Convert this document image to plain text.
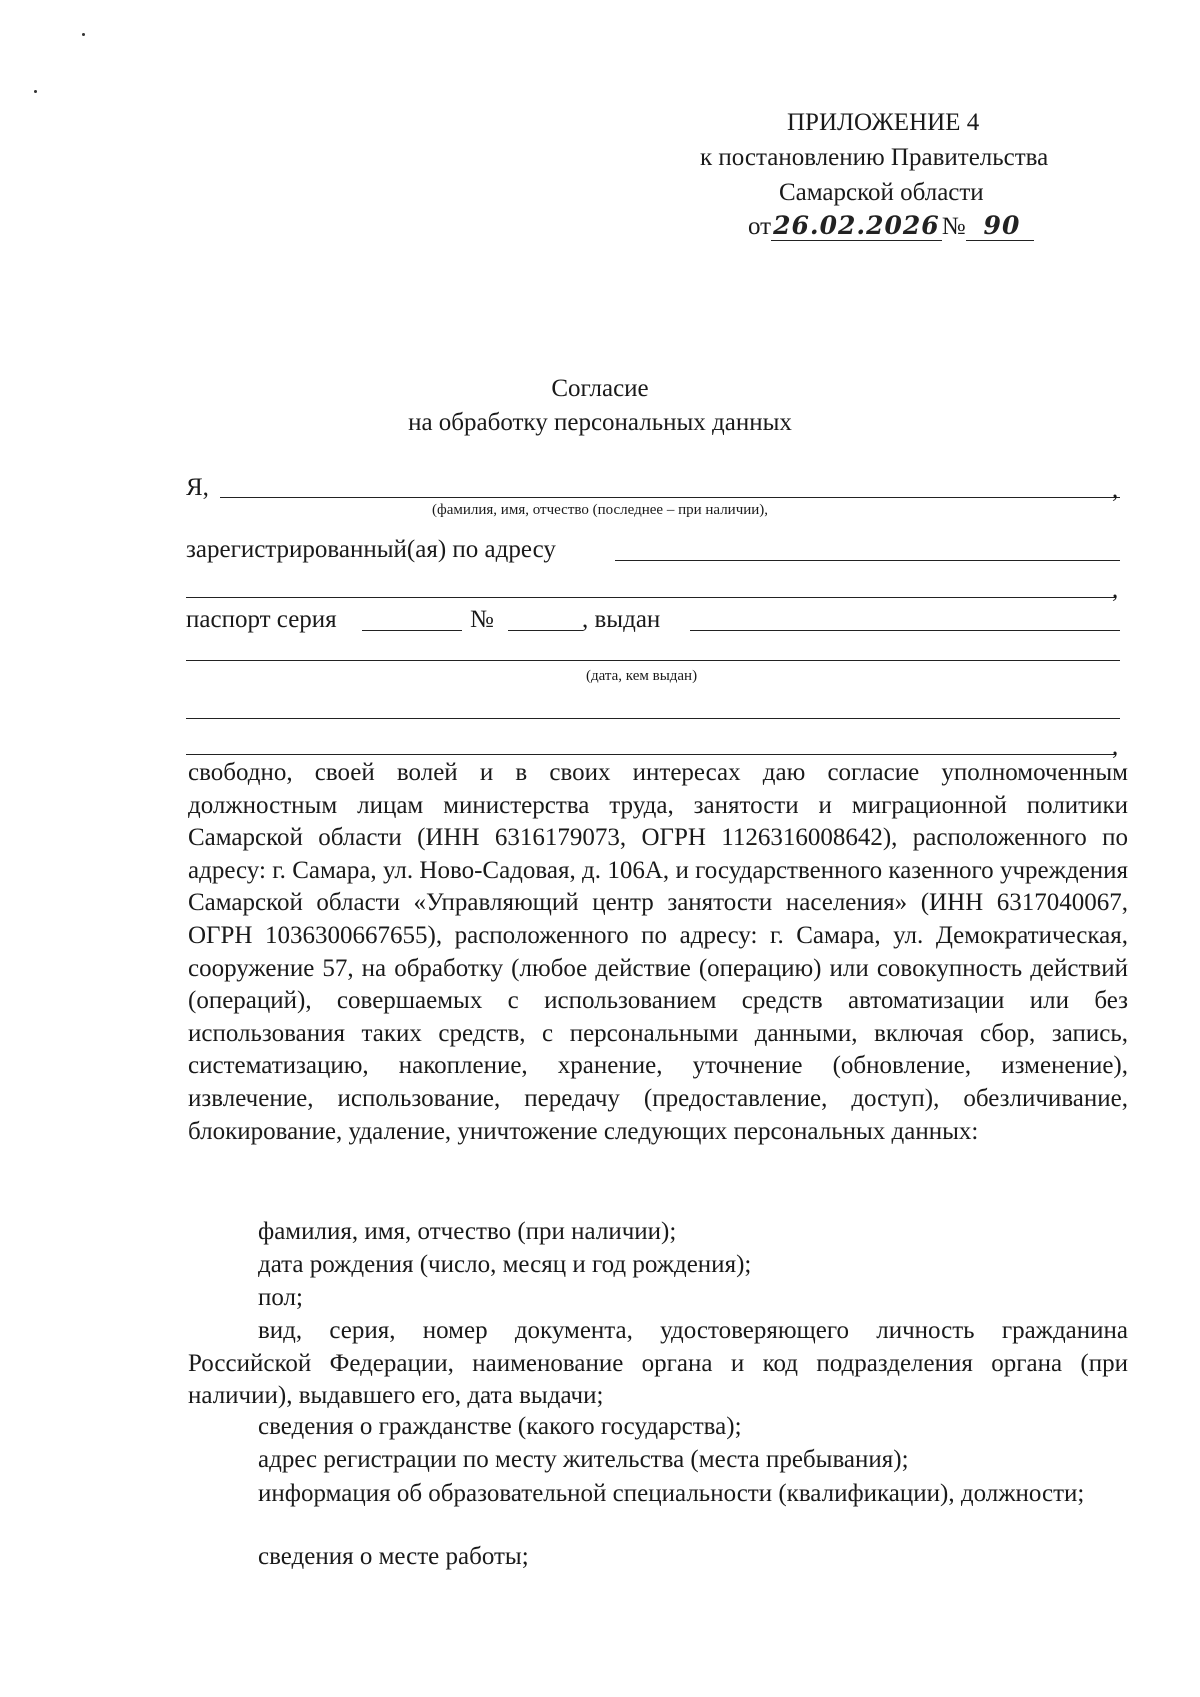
ПРИЛОЖЕНИЕ 4
к постановлению Правительства
Самарской области
от26.02.2026№ 90
Согласие
на обработку персональных данных
Я,	,
(фамилия, имя, отчество (последнее – при наличии),
зарегистрированный(ая) по адресу
,
паспорт серия	№	, выдан
(дата, кем выдан)
,
свободно, своей волей и в своих интересах даю согласие уполномоченным должностным лицам министерства труда, занятости и миграционной политики Самарской области (ИНН 6316179073, ОГРН 1126316008642), расположенного по адресу: г. Самара, ул. Ново-Садовая, д. 106А, и государственного казенного учреждения Самарской области «Управляющий центр занятости населения» (ИНН 6317040067, ОГРН 1036300667655), расположенного по адресу: г. Самара, ул. Демократическая, сооружение 57, на обработку (любое действие (операцию) или совокупность действий (операций), совершаемых с использованием средств автоматизации или без использования таких средств, с персональными данными, включая сбор, запись, систематизацию, накопление, хранение, уточнение (обновление, изменение), извлечение, использование, передачу (предоставление, доступ), обезличивание, блокирование, удаление, уничтожение следующих персональных данных:
фамилия, имя, отчество (при наличии);
дата рождения (число, месяц и год рождения);
пол;
вид, серия, номер документа, удостоверяющего личность гражданина Российской Федерации, наименование органа и код подразделения органа (при наличии), выдавшего его, дата выдачи;
сведения о гражданстве (какого государства);
адрес регистрации по месту жительства (места пребывания);
информация об образовательной специальности (квалификации), должности;
сведения о месте работы;
